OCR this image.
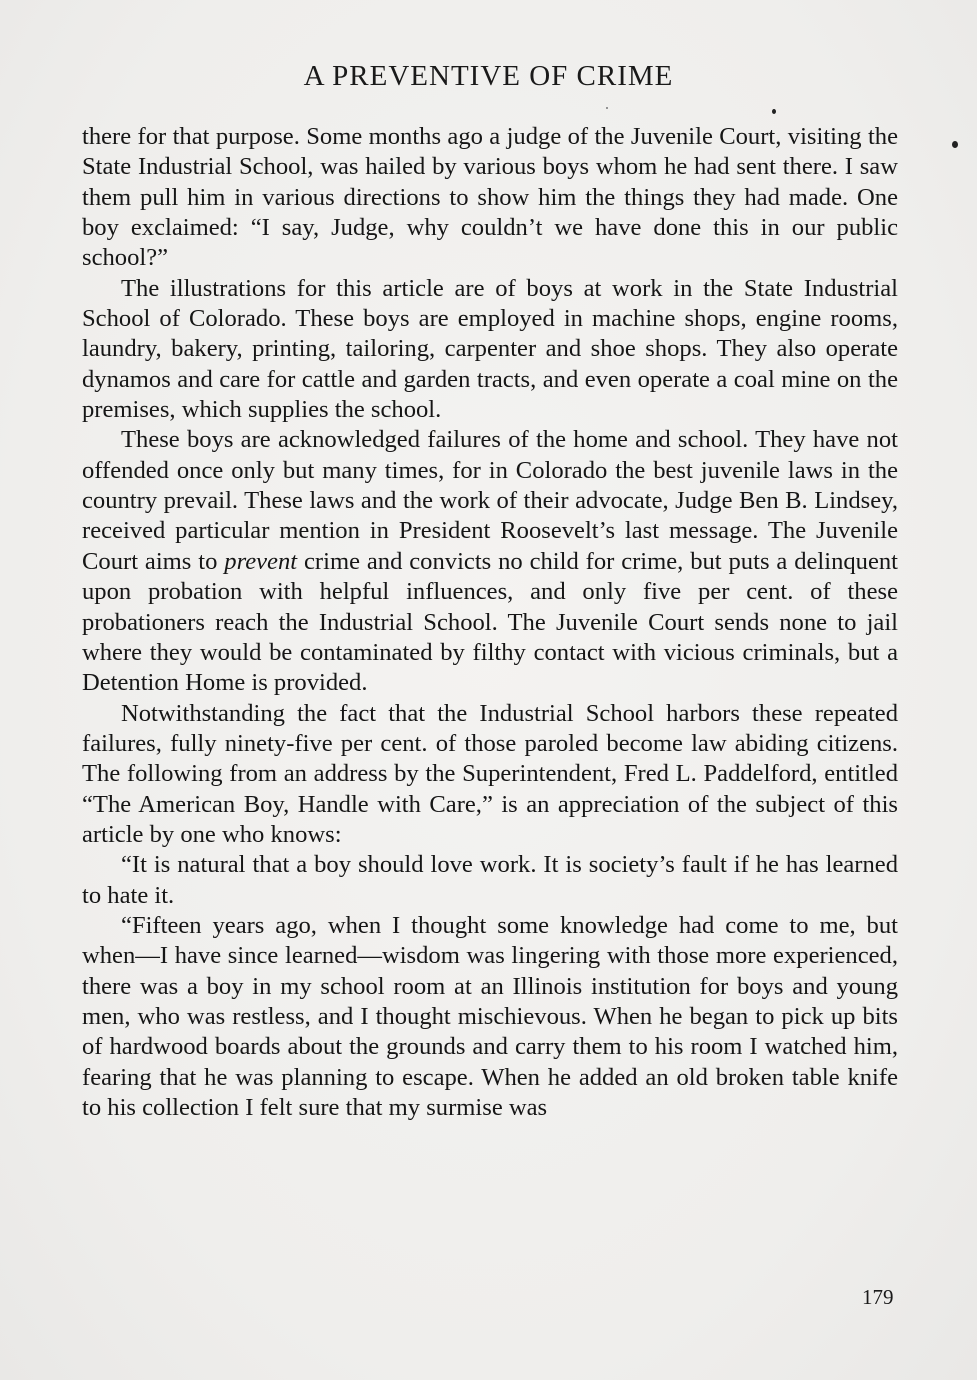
A PREVENTIVE OF CRIME

there for that purpose. Some months ago a judge of the Juvenile Court, visiting the State Industrial School, was hailed by various boys whom he had sent there. I saw them pull him in various directions to show him the things they had made. One boy exclaimed: “I say, Judge, why couldn’t we have done this in our public school?”

The illustrations for this article are of boys at work in the State Industrial School of Colorado. These boys are employed in machine shops, engine rooms, laundry, bakery, printing, tailoring, carpenter and shoe shops. They also operate dynamos and care for cattle and garden tracts, and even operate a coal mine on the premises, which supplies the school.

These boys are acknowledged failures of the home and school. They have not offended once only but many times, for in Colorado the best juvenile laws in the country prevail. These laws and the work of their advocate, Judge Ben B. Lindsey, received particular mention in President Roosevelt’s last message. The Juvenile Court aims to prevent crime and convicts no child for crime, but puts a delinquent upon probation with helpful influences, and only five per cent. of these probationers reach the Industrial School. The Juvenile Court sends none to jail where they would be contaminated by filthy contact with vicious criminals, but a Detention Home is provided.

Notwithstanding the fact that the Industrial School harbors these repeated failures, fully ninety-five per cent. of those paroled become law abiding citizens. The following from an address by the Superintendent, Fred L. Paddelford, entitled “The American Boy, Handle with Care,” is an appreciation of the subject of this article by one who knows:

“It is natural that a boy should love work. It is society’s fault if he has learned to hate it.

“Fifteen years ago, when I thought some knowledge had come to me, but when—I have since learned—wisdom was lingering with those more experienced, there was a boy in my school room at an Illinois institution for boys and young men, who was restless, and I thought mischievous. When he began to pick up bits of hardwood boards about the grounds and carry them to his room I watched him, fearing that he was planning to escape. When he added an old broken table knife to his collection I felt sure that my surmise was

179
